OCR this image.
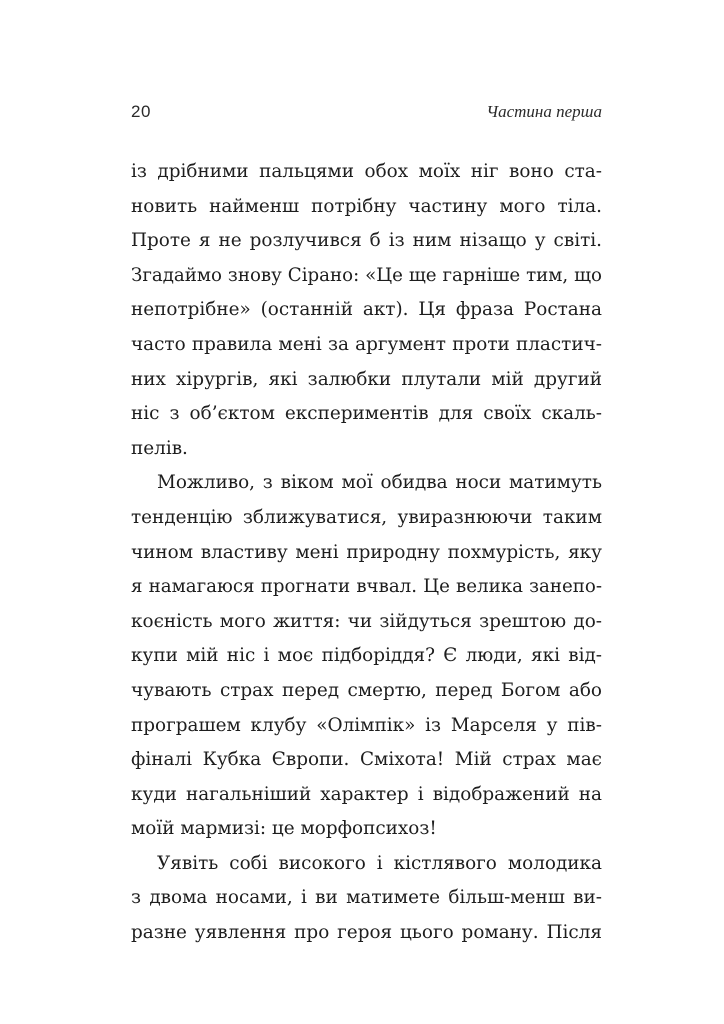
20	Частина перша
із дрібними пальцями обох моїх ніг воно ста-
новить найменш потрібну частину мого тіла.
Проте я не розлучився б із ним нізащо у світі.
Згадаймо знову Сірано: «Це ще гарніше тим, що
непотрібне» (останній акт). Ця фраза Ростана
часто правила мені за аргумент проти пластич-
них хірургів, які залюбки плутали мій другий
ніс з об’єктом експериментів для своїх скаль-
пелів.
Можливо, з віком мої обидва носи матимуть
тенденцію зближуватися, увиразнюючи таким
чином властиву мені природну похмурість, яку
я намагаюся прогнати вчвал. Це велика занепо-
коєність мого життя: чи зійдуться зрештою до-
купи мій ніс і моє підборіддя? Є люди, які від-
чувають страх перед смертю, перед Богом або
програшем клубу «Олімпік» із Марселя у пів-
фіналі Кубка Європи. Сміхота! Мій страх має
куди нагальніший характер і відображений на
моїй мармизі: це морфопсихоз!
Уявіть собі високого і кістлявого молодика
з двома носами, і ви матимете більш-менш ви-
разне уявлення про героя цього роману. Після
